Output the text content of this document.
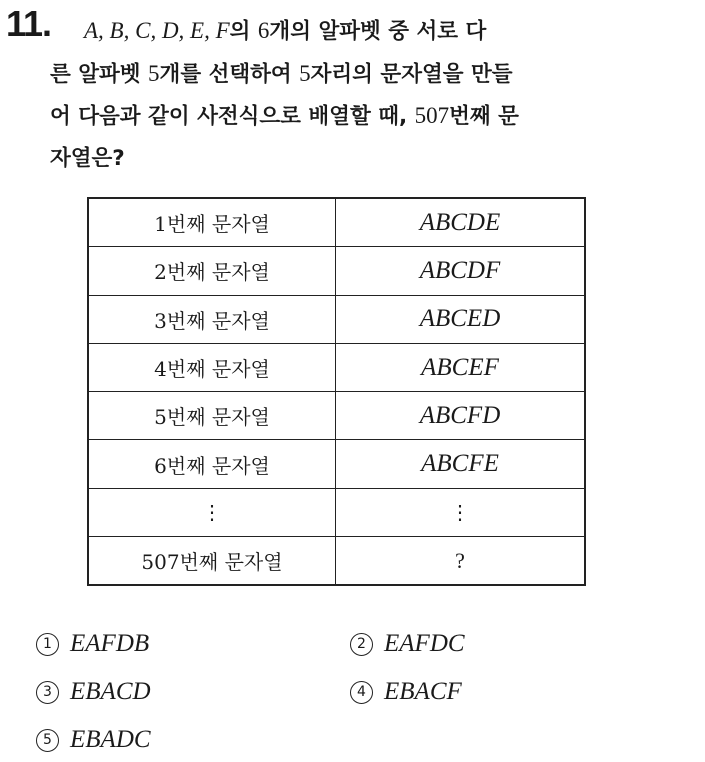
11.	A, B, C, D, E, F의 6개의 알파벳 중 서로 다
른 알파벳 5개를 선택하여 5자리의 문자열을 만들
어 다음과 같이 사전식으로 배열할 때, 507번째 문
자열은?
1번째 문자열	ABCDE
2번째 문자열	ABCDF
3번째 문자열	ABCED
4번째 문자열	ABCEF
5번째 문자열	ABCFD
6번째 문자열	ABCFE
⋮	⋮
507번째 문자열	?
1 EAFDB	2 EAFDC
3 EBACD	4 EBACF
5 EBADC
